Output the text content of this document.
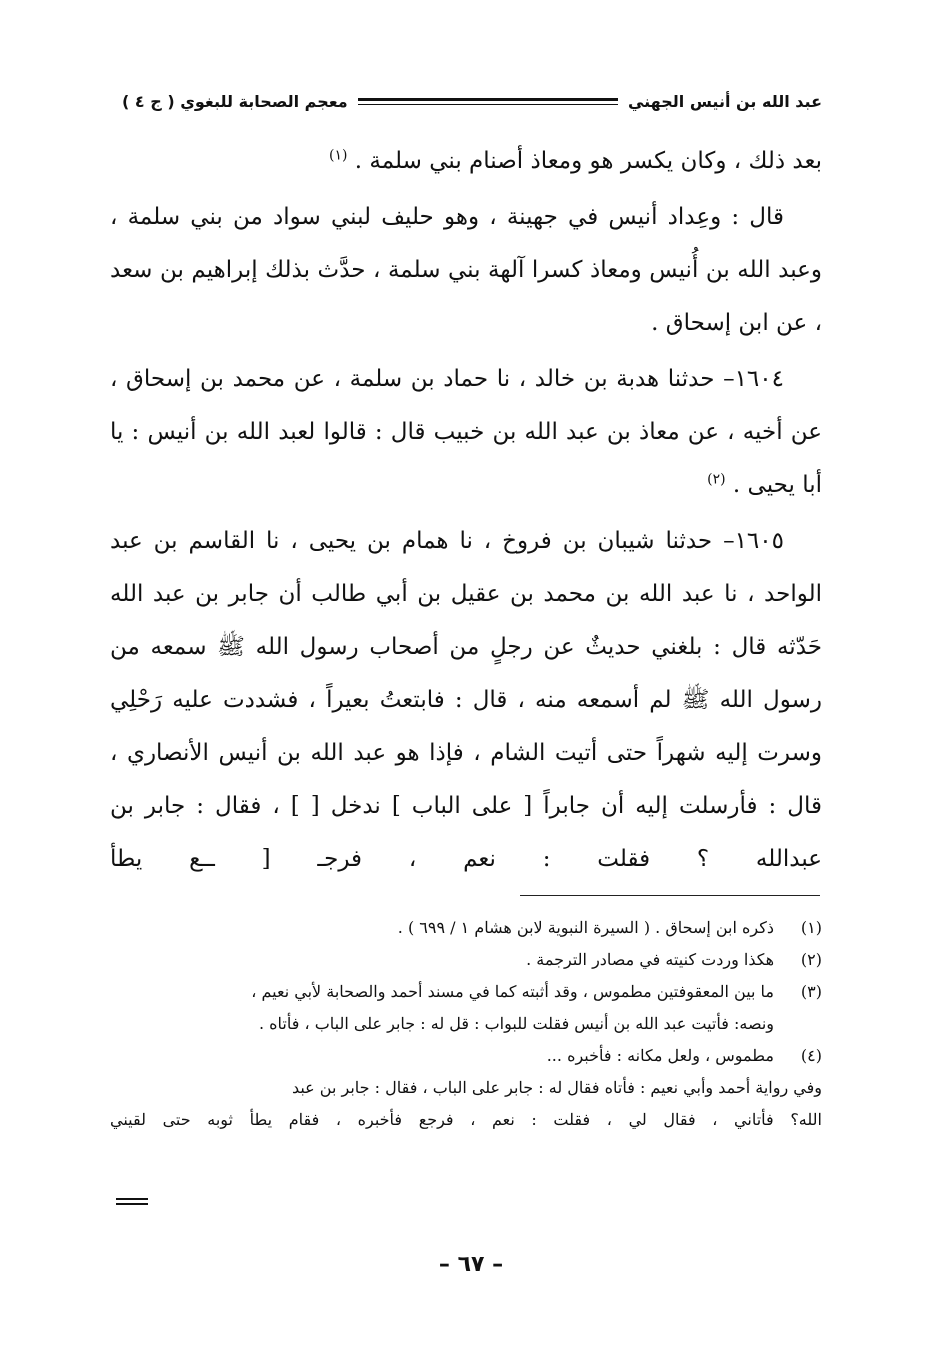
عبد الله بن أنيس الجهني
معجم الصحابة للبغوي ( ج ٤ )

بعد ذلك ، وكان يكسر هو ومعاذ أصنام بني سلمة . $^{(١)}$

قال : وعِداد أنيس في جهينة ، وهو حليف لبني سواد من بني سلمة ، وعبد الله بن أُنيس ومعاذ كسرا آلهة بني سلمة ، حدَّث بذلك إبراهيم بن سعد ، عن ابن إسحاق .

١٦٠٤– حدثنا هدبة بن خالد ، نا حماد بن سلمة ، عن محمد بن إسحاق ، عن أخيه ، عن معاذ بن عبد الله بن خبيب قال : قالوا لعبد الله بن أنيس : يا أبا يحيى . $^{(٢)}$

١٦٠٥– حدثنا شيبان بن فروخ ، نا همام بن يحيى ، نا القاسم بن عبد الواحد ، نا عبد الله بن محمد بن عقيل بن أبي طالب أن جابر بن عبد الله حَدّثه قال : بلغني حديثٌ عن رجلٍ من أصحاب رسول الله ﷺ سمعه من رسول الله ﷺ لم أسمعه منه ، قال : فابتعتُ بعيراً ، فشددت عليه رَحْلِي وسرت إليه شهراً حتى أتيت الشام ، فإذا هو عبد الله بن أنيس الأنصاري ، قال : فأرسلت إليه أن جابراً [ على الباب ] ندخل [ ] ، فقال : جابر بن عبدالله ؟ فقلت : نعم ، فرجـ [ ــع يطأ

(١)
ذكره ابن إسحاق . ( السيرة النبوية لابن هشام ١ / ٦٩٩ ) .
(٢)
هكذا وردت كنيته في مصادر الترجمة .
(٣)
ما بين المعقوفتين مطموس ، وقد أثبته كما في مسند أحمد والصحابة لأبي نعيم ،

ونصه: فأتيت عبد الله بن أنيس فقلت للبواب : قل له : جابر على الباب ، فأتاه .

(٤)
مطموس ، ولعل مكانه : فأخبره ...

وفي رواية أحمد وأبي نعيم : فأتاه فقال له : جابر على الباب ، فقال : جابر بن عبد

الله؟ فأتاني ، فقال لي ، فقلت : نعم ، فرجع فأخبره ، فقام يطأ ثوبه حتى لقيني

– ٦٧ –
